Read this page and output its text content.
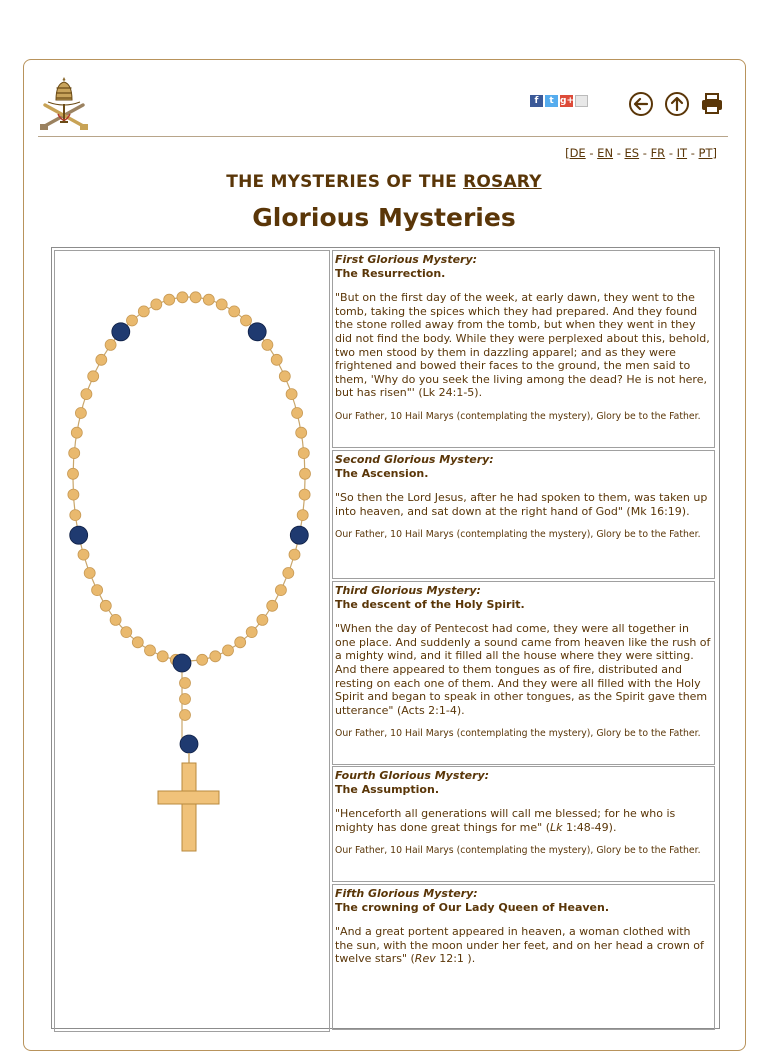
f	t g+
[DE - EN - ES - FR - IT - PT]
THE MYSTERIES OF THE ROSARY
Glorious Mysteries
First Glorious Mystery:
The Resurrection.
"But on the first day of the week, at early dawn, they went to the tomb, taking the spices which they had prepared. And they found the stone rolled away from the tomb, but when they went in they did not find the body. While they were perplexed about this, behold, two men stood by them in dazzling apparel; and as they were frightened and bowed their faces to the ground, the men said to them, 'Why do you seek the living among the dead? He is not here, but has risen"' (Lk 24:1-5).
Our Father, 10 Hail Marys (contemplating the mystery), Glory be to the Father.
Second Glorious Mystery:
The Ascension.
"So then the Lord Jesus, after he had spoken to them, was taken up into heaven, and sat down at the right hand of God" (Mk 16:19).
Our Father, 10 Hail Marys (contemplating the mystery), Glory be to the Father.
Third Glorious Mystery:
The descent of the Holy Spirit.
"When the day of Pentecost had come, they were all together in one place. And suddenly a sound came from heaven like the rush of a mighty wind, and it filled all the house where they were sitting. And there appeared to them tongues as of fire, distributed and resting on each one of them. And they were all filled with the Holy Spirit and began to speak in other tongues, as the Spirit gave them utterance" (Acts 2:1-4).
Our Father, 10 Hail Marys (contemplating the mystery), Glory be to the Father.
Fourth Glorious Mystery:
The Assumption.
"Henceforth all generations will call me blessed; for he who is mighty has done great things for me" (Lk 1:48-49).
Our Father, 10 Hail Marys (contemplating the mystery), Glory be to the Father.
Fifth Glorious Mystery:
The crowning of Our Lady Queen of Heaven.
"And a great portent appeared in heaven, a woman clothed with the sun, with the moon under her feet, and on her head a crown of twelve stars" (Rev 12:1 ).
